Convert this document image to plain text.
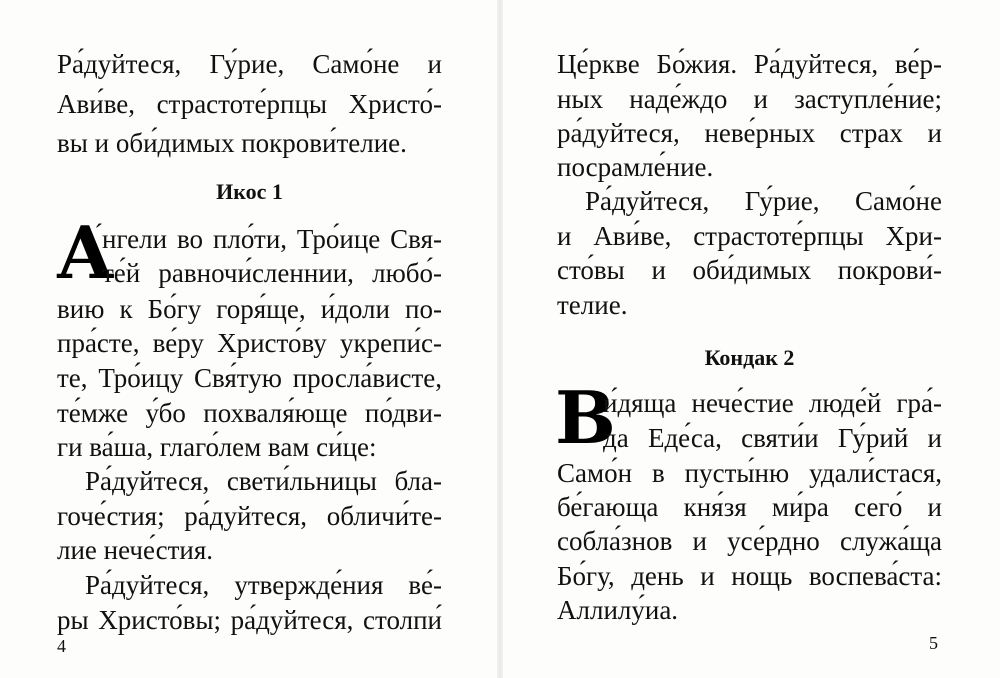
Ра́дуйтеся, Гу́рие, Само́не и
Ави́ве, страстоте́рпцы Христо́-
вы и оби́димых покрови́телие.
Икос 1
А
́нгели во пло́ти, Тро́ице Свя-
те́й равночи́сленнии, любо́-
вию к Бо́гу горя́ще, и́доли по-
пра́сте, ве́ру Христо́ву укрепи́с-
те, Тро́ицу Свя́тую просла́висте,
те́мже у́бо похваля́юще по́дви-
ги ва́ша, глаго́лем вам си́це:
Ра́дуйтеся, свети́льницы бла-
гоче́стия; ра́дуйтеся, обличи́те-
лие нече́стия.
Ра́дуйтеся, утвержде́ния ве́-
ры Христо́вы; ра́дуйтеся, столпи́
4
Це́ркве Бо́жия. Ра́дуйтеся, ве́р-
ных наде́ждо и заступле́ние;
ра́дуйтеся, неве́рных страх и
посрамле́ние.
Ра́дуйтеся, Гу́рие, Само́не
и Ави́ве, страстоте́рпцы Хри-
сто́вы и оби́димых покрови́-
телие.
Кондак 2
В
и́дяща нече́стие люде́й гра́-
да Еде́са, святи́и Гу́рий и
Само́н в пусты́ню удали́стася,
бе́гающа кня́зя ми́ра сего́ и
собла́знов и усе́рдно служа́ща
Бо́гу, день и нощь воспева́ста:
Аллилу́иа.
5
